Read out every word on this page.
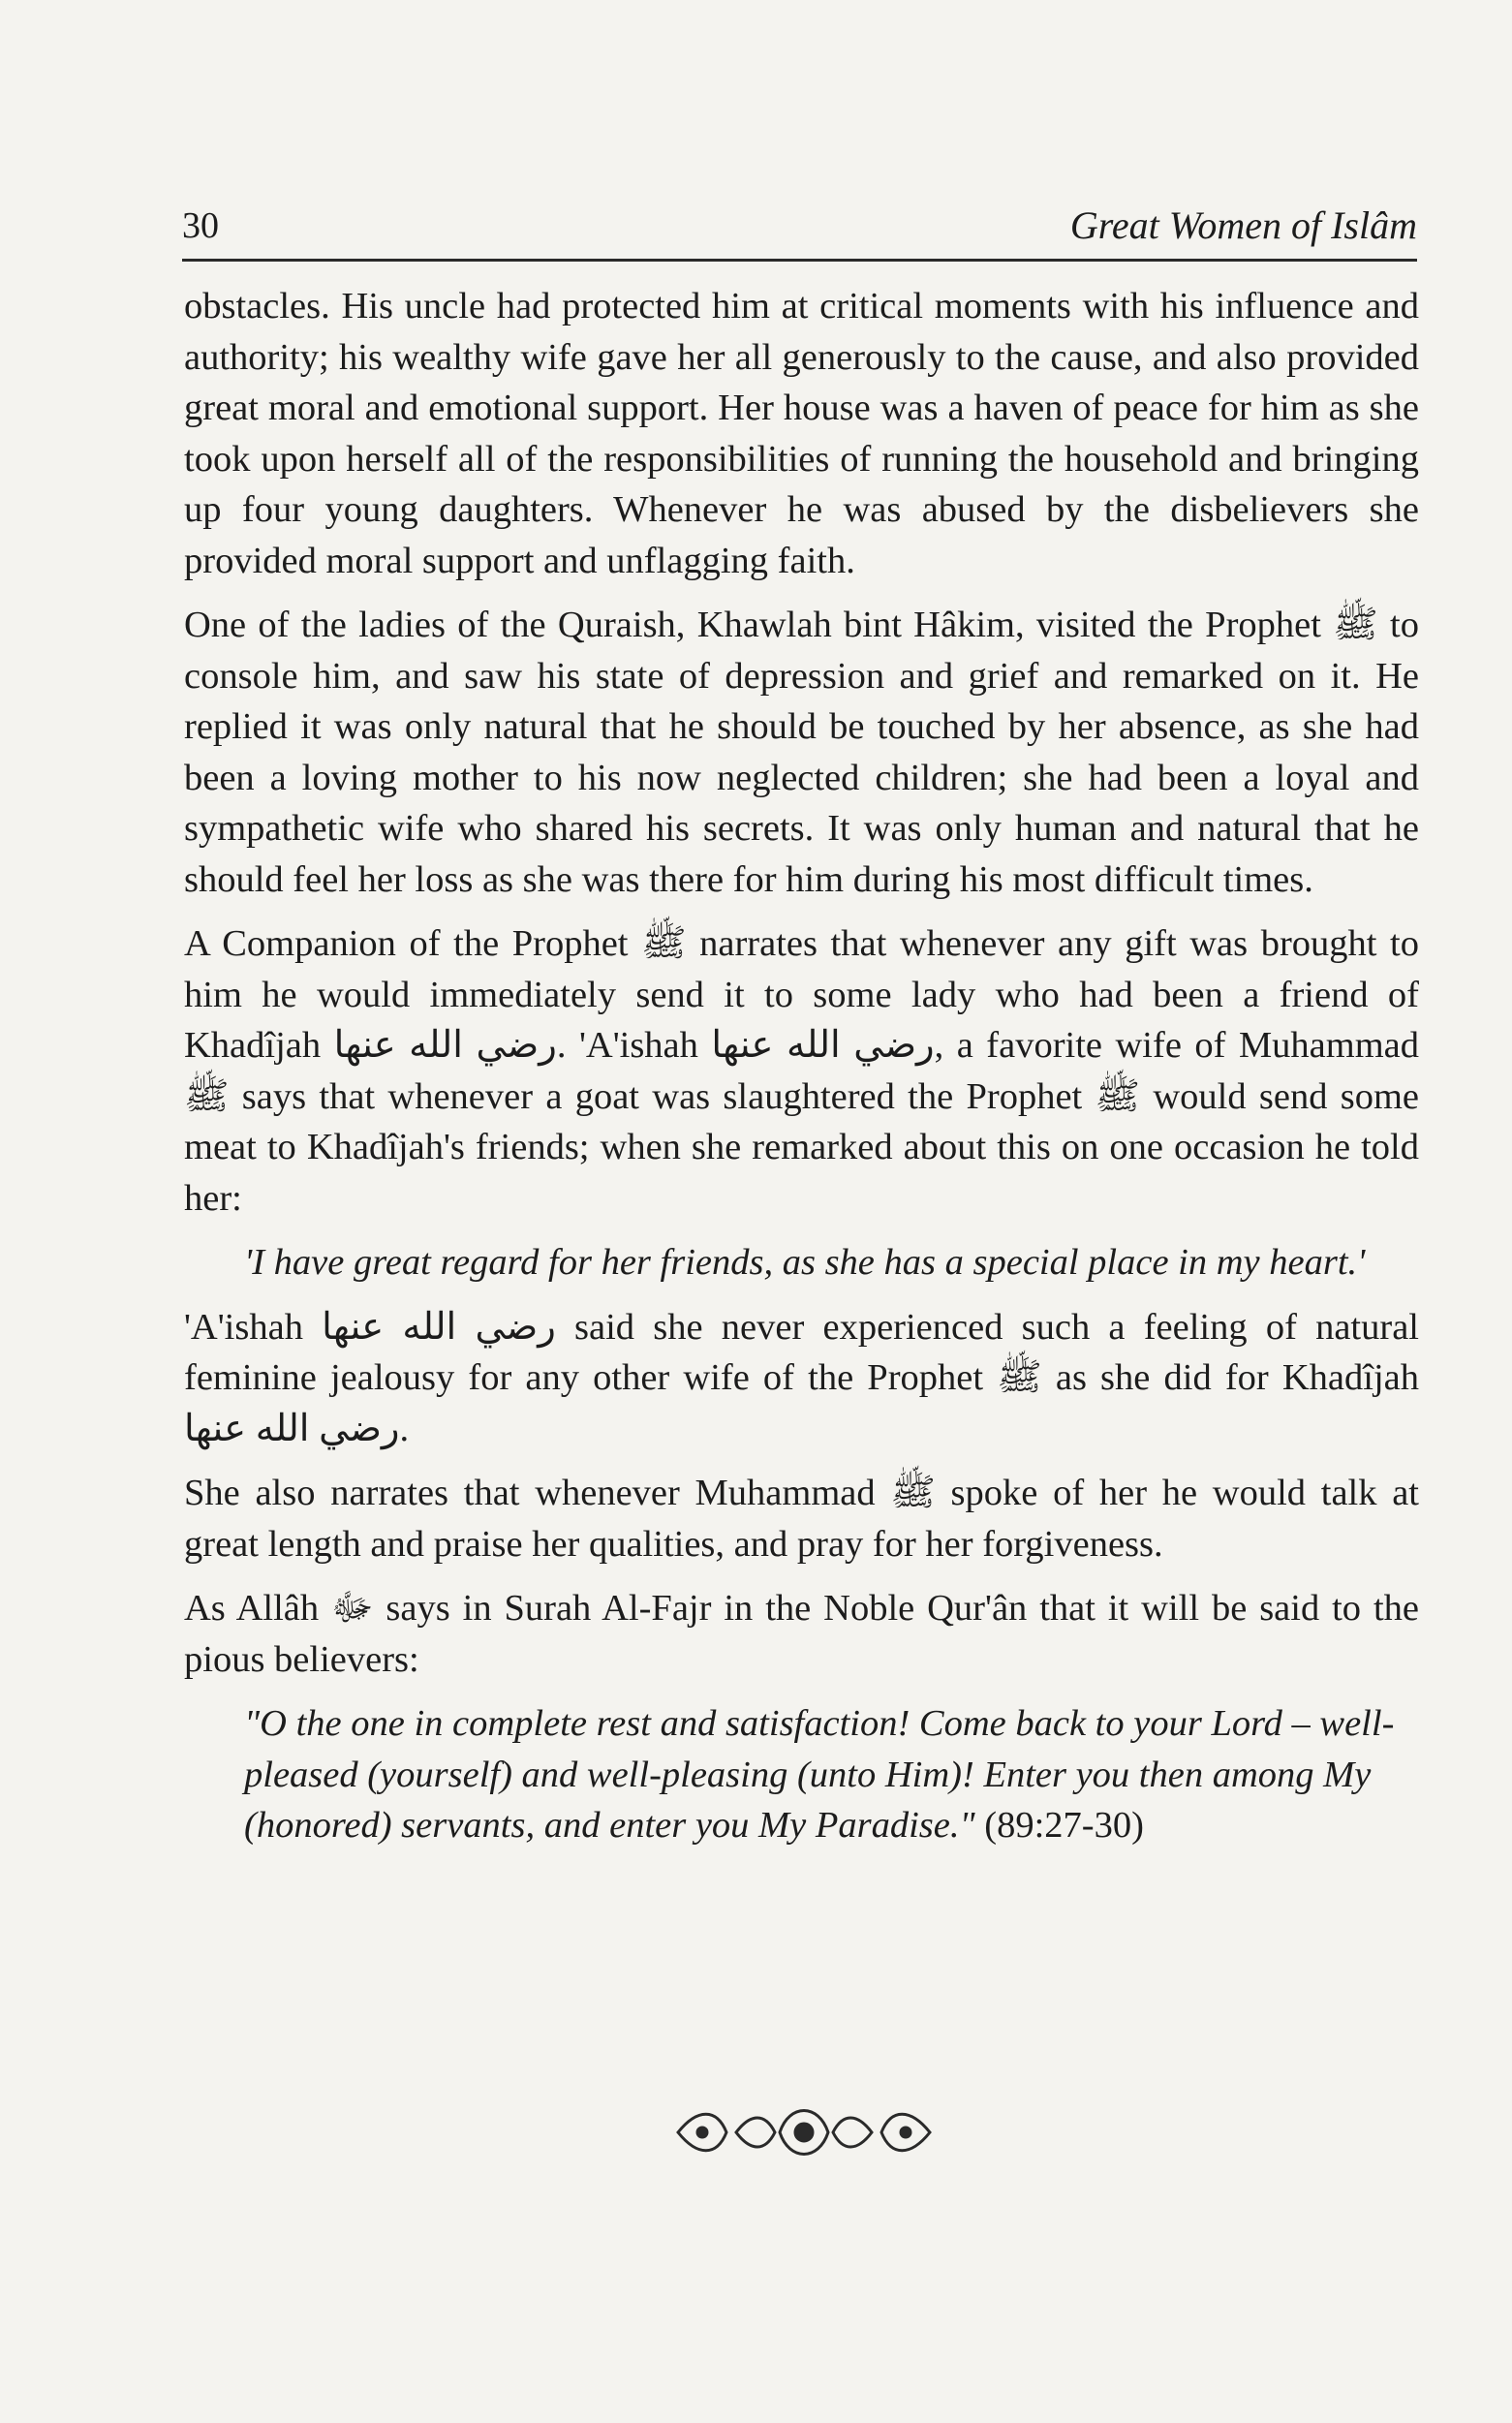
30	Great Women of Islâm

obstacles. His uncle had protected him at critical moments with his influence and authority; his wealthy wife gave her all generously to the cause, and also provided great moral and emotional support. Her house was a haven of peace for him as she took upon herself all of the responsibilities of running the household and bringing up four young daughters. Whenever he was abused by the disbelievers she provided moral support and unflagging faith.

One of the ladies of the Quraish, Khawlah bint Hâkim, visited the Prophet ﷺ to console him, and saw his state of depression and grief and remarked on it. He replied it was only natural that he should be touched by her absence, as she had been a loving mother to his now neglected children; she had been a loyal and sympathetic wife who shared his secrets. It was only human and natural that he should feel her loss as she was there for him during his most difficult times.

A Companion of the Prophet ﷺ narrates that whenever any gift was brought to him he would immediately send it to some lady who had been a friend of Khadîjah رضي الله عنها. 'A'ishah رضي الله عنها, a favorite wife of Muhammad ﷺ says that whenever a goat was slaughtered the Prophet ﷺ would send some meat to Khadîjah's friends; when she remarked about this on one occasion he told her:

'I have great regard for her friends, as she has a special place in my heart.'

'A'ishah رضي الله عنها said she never experienced such a feeling of natural feminine jealousy for any other wife of the Prophet ﷺ as she did for Khadîjah رضي الله عنها.

She also narrates that whenever Muhammad ﷺ spoke of her he would talk at great length and praise her qualities, and pray for her forgiveness.

As Allâh ﷻ says in Surah Al-Fajr in the Noble Qur'ân that it will be said to the pious believers:

"O the one in complete rest and satisfaction! Come back to your Lord – well-pleased (yourself) and well-pleasing (unto Him)! Enter you then among My (honored) servants, and enter you My Paradise." (89:27-30)
